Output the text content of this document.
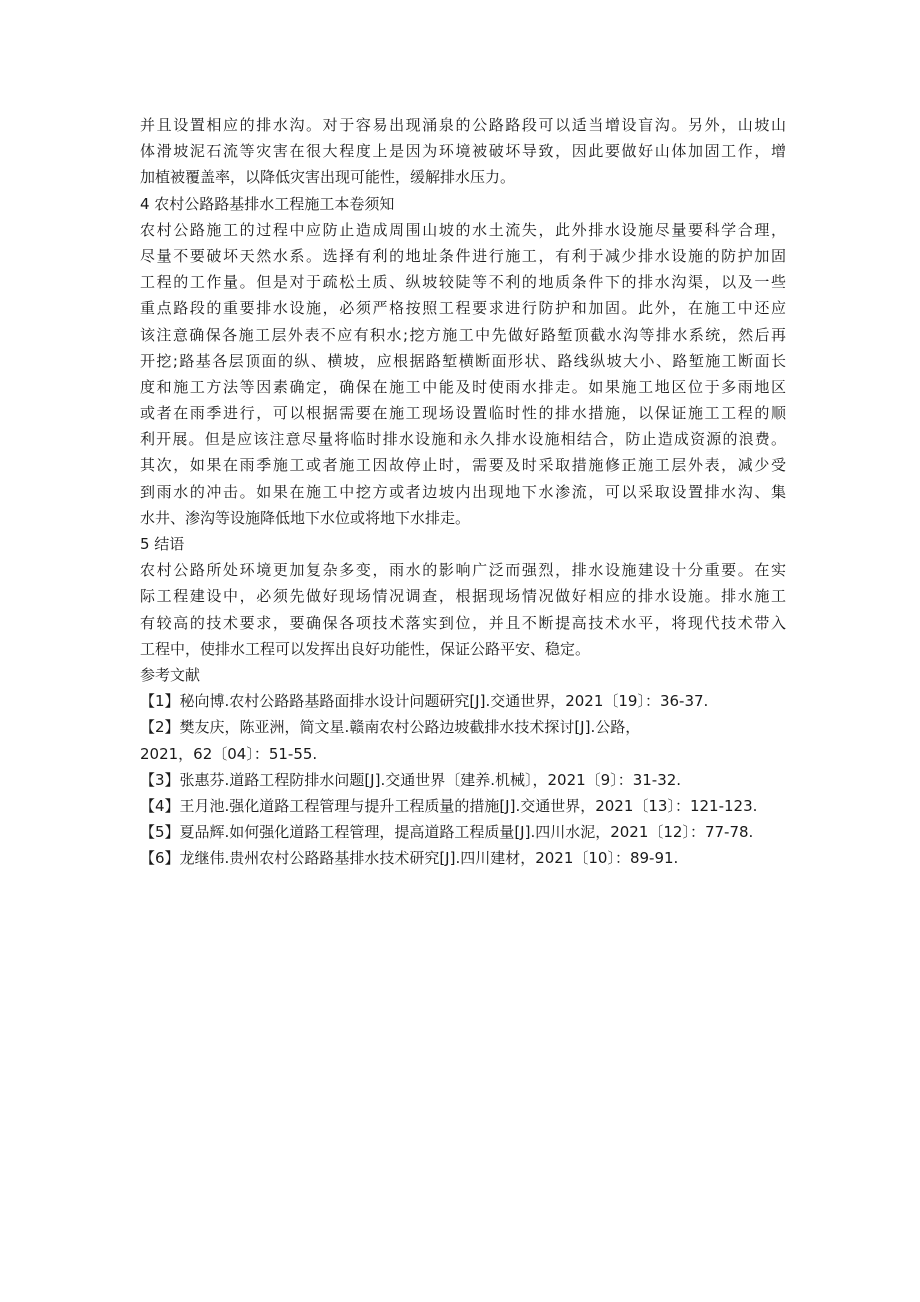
并且设置相应的排水沟。对于容易出现涌泉的公路路段可以适当增设盲沟。另外，山坡山
体滑坡泥石流等灾害在很大程度上是因为环境被破坏导致，因此要做好山体加固工作，增
加植被覆盖率，以降低灾害出现可能性，缓解排水压力。
4 农村公路路基排水工程施工本卷须知
农村公路施工的过程中应防止造成周围山坡的水土流失，此外排水设施尽量要科学合理，
尽量不要破坏天然水系。选择有利的地址条件进行施工，有利于减少排水设施的防护加固
工程的工作量。但是对于疏松土质、纵坡较陡等不利的地质条件下的排水沟渠，以及一些
重点路段的重要排水设施，必须严格按照工程要求进行防护和加固。此外，在施工中还应
该注意确保各施工层外表不应有积水;挖方施工中先做好路堑顶截水沟等排水系统，然后再
开挖;路基各层顶面的纵、横坡，应根据路堑横断面形状、路线纵坡大小、路堑施工断面长
度和施工方法等因素确定，确保在施工中能及时使雨水排走。如果施工地区位于多雨地区
或者在雨季进行，可以根据需要在施工现场设置临时性的排水措施，以保证施工工程的顺
利开展。但是应该注意尽量将临时排水设施和永久排水设施相结合，防止造成资源的浪费。
其次，如果在雨季施工或者施工因故停止时，需要及时采取措施修正施工层外表，减少受
到雨水的冲击。如果在施工中挖方或者边坡内出现地下水渗流，可以采取设置排水沟、集
水井、渗沟等设施降低地下水位或将地下水排走。
5 结语
农村公路所处环境更加复杂多变，雨水的影响广泛而强烈，排水设施建设十分重要。在实
际工程建设中，必须先做好现场情况调查，根据现场情况做好相应的排水设施。排水施工
有较高的技术要求，要确保各项技术落实到位，并且不断提高技术水平，将现代技术带入
工程中，使排水工程可以发挥出良好功能性，保证公路平安、稳定。
参考文献
【1】秘向博.农村公路路基路面排水设计问题研究[J].交通世界，2021〔19〕：36-37.
【2】樊友庆，陈亚洲，简文星.赣南农村公路边坡截排水技术探讨[J].公路，
2021，62〔04〕：51-55.
【3】张惠芬.道路工程防排水问题[J].交通世界〔建养.机械〕，2021〔9〕：31-32.
【4】王月池.强化道路工程管理与提升工程质量的措施[J].交通世界，2021〔13〕：121-123.
【5】夏品辉.如何强化道路工程管理，提高道路工程质量[J].四川水泥，2021〔12〕：77-78.
【6】龙继伟.贵州农村公路路基排水技术研究[J].四川建材，2021〔10〕：89-91.
